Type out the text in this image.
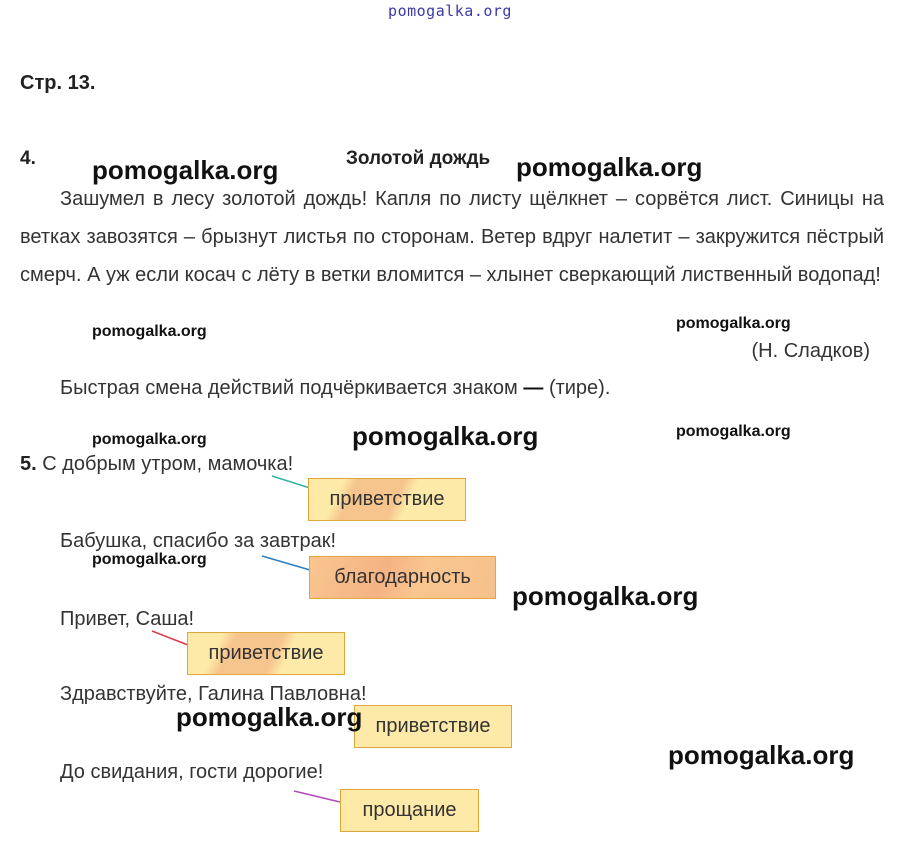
pomogalka.org
Стр. 13.
4.	Золотой дождь
Зашумел в лесу золотой дождь! Капля по листу щёлкнет – сорвётся лист. Синицы на ветках завозятся – брызнут листья по сторонам. Ветер вдруг налетит – закружится пёстрый смерч. А уж если косач с лёту в ветки вломится – хлынет сверкающий лиственный водопад!
(Н. Сладков)
Быстрая смена действий подчёркивается знаком — (тире).
5. С добрым утром, мамочка!
Бабушка, спасибо за завтрак!
Привет, Саша!
Здравствуйте, Галина Павловна!
До свидания, гости дорогие!
приветствие
благодарность
приветствие
приветствие
прощание
pomogalka.org	pomogalka.org
pomogalka.org	pomogalka.org
pomogalka.org	pomogalka.org	pomogalka.org
pomogalka.org
pomogalka.org
pomogalka.org
pomogalka.org
